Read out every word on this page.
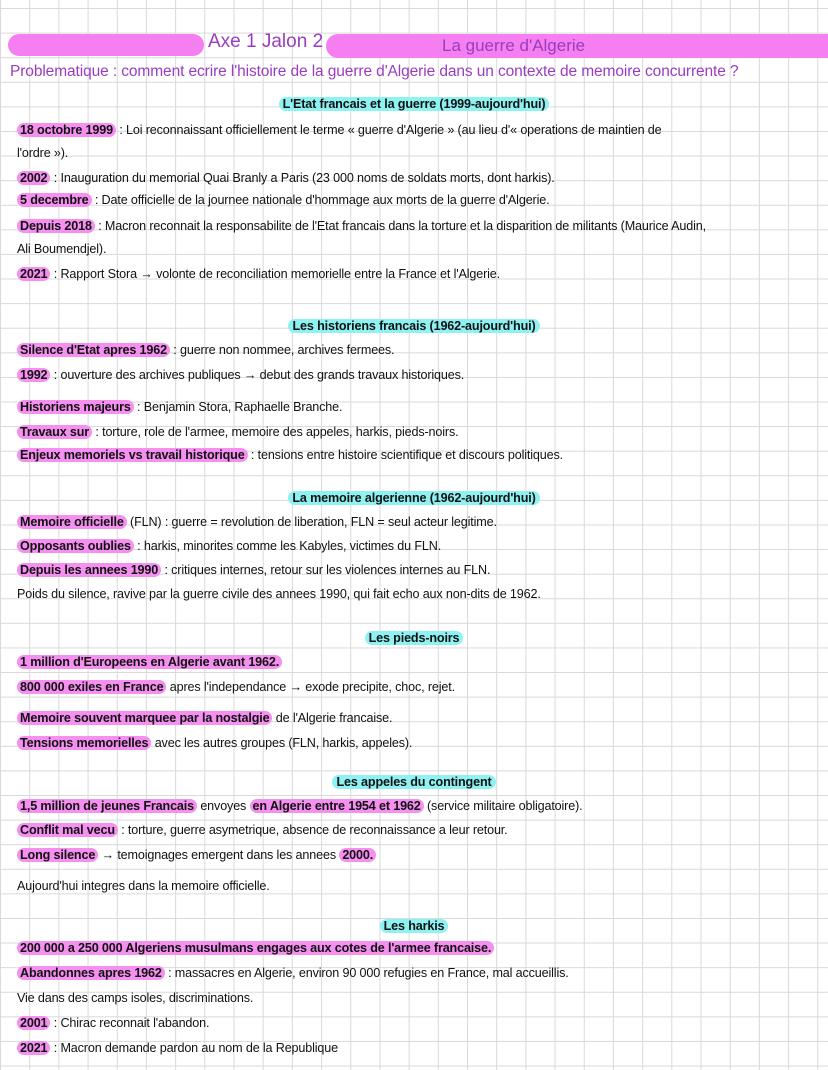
Axe 1 Jalon 2	La guerre d'Algerie
Problematique : comment ecrire l'histoire de la guerre d'Algerie dans un contexte de memoire concurrente ?
L'Etat francais et la guerre (1999-aujourd'hui)
18 octobre 1999 : Loi reconnaissant officiellement le terme « guerre d'Algerie » (au lieu d'« operations de maintien de
l'ordre »).
2002 : Inauguration du memorial Quai Branly a Paris (23 000 noms de soldats morts, dont harkis).
5 decembre : Date officielle de la journee nationale d'hommage aux morts de la guerre d'Algerie.
Depuis 2018 : Macron reconnait la responsabilite de l'Etat francais dans la torture et la disparition de militants (Maurice Audin,
Ali Boumendjel).
2021 : Rapport Stora → volonte de reconciliation memorielle entre la France et l'Algerie.
Les historiens francais (1962-aujourd'hui)
Silence d'Etat apres 1962 : guerre non nommee, archives fermees.
1992 : ouverture des archives publiques → debut des grands travaux historiques.
Historiens majeurs : Benjamin Stora, Raphaelle Branche.
Travaux sur : torture, role de l'armee, memoire des appeles, harkis, pieds-noirs.
Enjeux memoriels vs travail historique : tensions entre histoire scientifique et discours politiques.
La memoire algerienne (1962-aujourd'hui)
Memoire officielle (FLN) : guerre = revolution de liberation, FLN = seul acteur legitime.
Opposants oublies : harkis, minorites comme les Kabyles, victimes du FLN.
Depuis les annees 1990 : critiques internes, retour sur les violences internes au FLN.
Poids du silence, ravive par la guerre civile des annees 1990, qui fait echo aux non-dits de 1962.
Les pieds-noirs
1 million d'Europeens en Algerie avant 1962.
800 000 exiles en France apres l'independance → exode precipite, choc, rejet.
Memoire souvent marquee par la nostalgie de l'Algerie francaise.
Tensions memorielles avec les autres groupes (FLN, harkis, appeles).
Les appeles du contingent
1,5 million de jeunes Francais envoyes en Algerie entre 1954 et 1962 (service militaire obligatoire).
Conflit mal vecu : torture, guerre asymetrique, absence de reconnaissance a leur retour.
Long silence → temoignages emergent dans les annees 2000.
Aujourd'hui integres dans la memoire officielle.
Les harkis
200 000 a 250 000 Algeriens musulmans engages aux cotes de l'armee francaise.
Abandonnes apres 1962 : massacres en Algerie, environ 90 000 refugies en France, mal accueillis.
Vie dans des camps isoles, discriminations.
2001 : Chirac reconnait l'abandon.
2021 : Macron demande pardon au nom de la Republique
